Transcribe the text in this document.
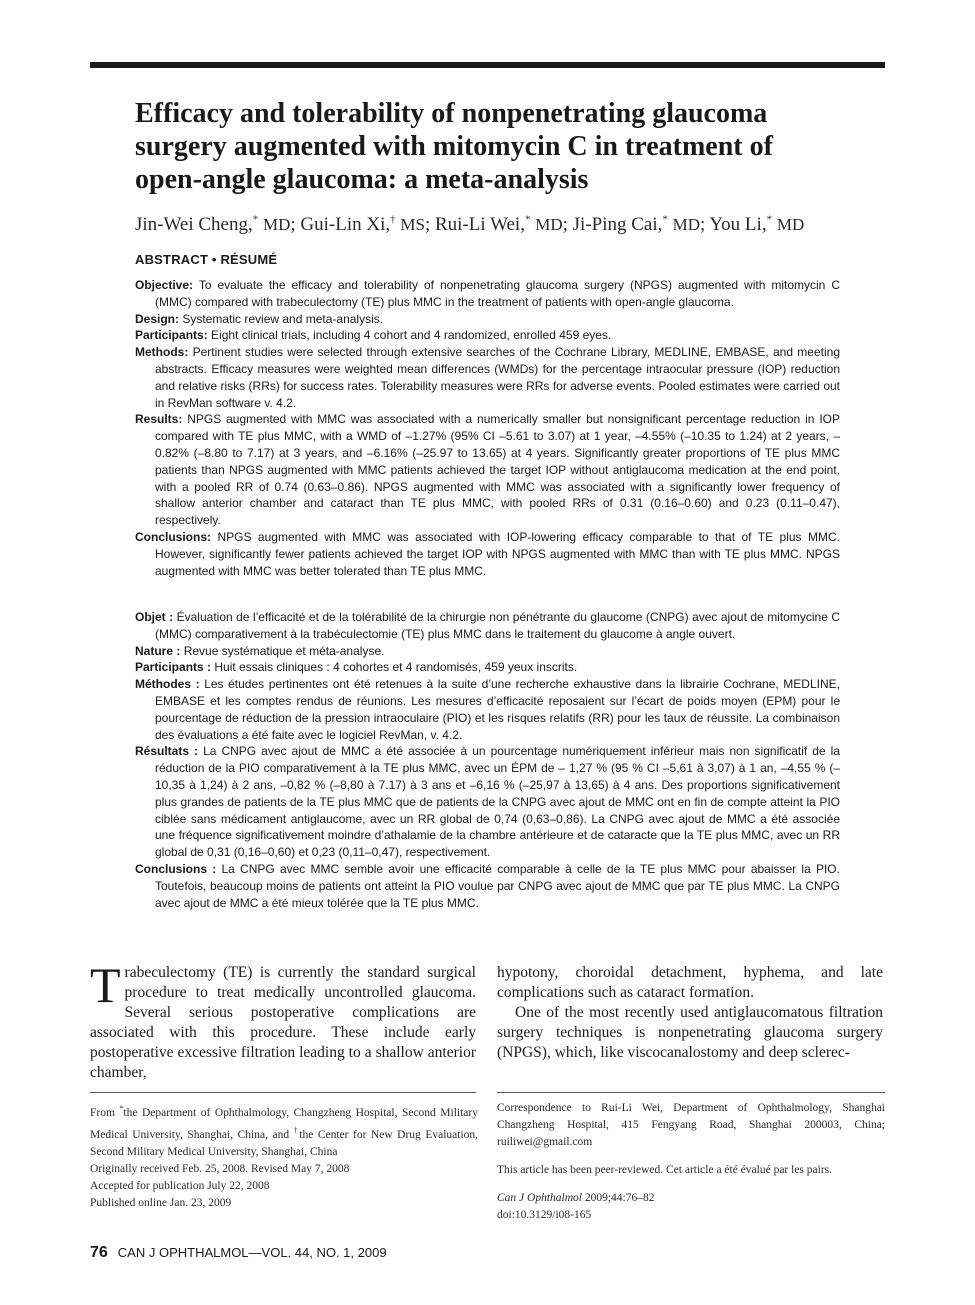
Efficacy and tolerability of nonpenetrating glaucoma surgery augmented with mitomycin C in treatment of open-angle glaucoma: a meta-analysis
Jin-Wei Cheng,* MD; Gui-Lin Xi,† MS; Rui-Li Wei,* MD; Ji-Ping Cai,* MD; You Li,* MD
ABSTRACT • RÉSUMÉ

Objective: To evaluate the efficacy and tolerability of nonpenetrating glaucoma surgery (NPGS) augmented with mitomycin C (MMC) compared with trabeculectomy (TE) plus MMC in the treatment of patients with open-angle glaucoma.

Design: Systematic review and meta-analysis.

Participants: Eight clinical trials, including 4 cohort and 4 randomized, enrolled 459 eyes.

Methods: Pertinent studies were selected through extensive searches of the Cochrane Library, MEDLINE, EMBASE, and meeting abstracts. Efficacy measures were weighted mean differences (WMDs) for the percentage intraocular pressure (IOP) reduction and relative risks (RRs) for success rates. Tolerability measures were RRs for adverse events. Pooled estimates were carried out in RevMan software v. 4.2.

Results: NPGS augmented with MMC was associated with a numerically smaller but nonsignificant percentage reduction in IOP compared with TE plus MMC, with a WMD of –1.27% (95% CI –5.61 to 3.07) at 1 year, –4.55% (–10.35 to 1.24) at 2 years, –0.82% (–8.80 to 7.17) at 3 years, and –6.16% (–25.97 to 13.65) at 4 years. Significantly greater proportions of TE plus MMC patients than NPGS augmented with MMC patients achieved the target IOP without antiglaucoma medication at the end point, with a pooled RR of 0.74 (0.63–0.86). NPGS augmented with MMC was associated with a significantly lower frequency of shallow anterior chamber and cataract than TE plus MMC, with pooled RRs of 0.31 (0.16–0.60) and 0.23 (0.11–0.47), respectively.

Conclusions: NPGS augmented with MMC was associated with IOP-lowering efficacy comparable to that of TE plus MMC. However, significantly fewer patients achieved the target IOP with NPGS augmented with MMC than with TE plus MMC. NPGS augmented with MMC was better tolerated than TE plus MMC.

Objet : Évaluation de l’efficacité et de la tolérabilité de la chirurgie non pénétrante du glaucome (CNPG) avec ajout de mitomycine C (MMC) comparativement à la trabéculectomie (TE) plus MMC dans le traitement du glaucome à angle ouvert.

Nature : Revue systématique et méta-analyse.

Participants : Huit essais cliniques : 4 cohortes et 4 randomisés, 459 yeux inscrits.

Méthodes : Les études pertinentes ont été retenues à la suite d’une recherche exhaustive dans la librairie Cochrane, MEDLINE, EMBASE et les comptes rendus de réunions. Les mesures d’efficacité reposaient sur l’écart de poids moyen (EPM) pour le pourcentage de réduction de la pression intraoculaire (PIO) et les risques relatifs (RR) pour les taux de réussite. La combinaison des évaluations a été faite avec le logiciel RevMan, v. 4.2.

Résultats : La CNPG avec ajout de MMC a été associée à un pourcentage numériquement inférieur mais non significatif de la réduction de la PIO comparativement à la TE plus MMC, avec un ÉPM de – 1,27 % (95 % CI –5,61 à 3,07) à 1 an, –4,55 % (–10,35 à 1,24) à 2 ans, –0,82 % (–8,80 à 7.17) à 3 ans et –6,16 % (–25,97 à 13,65) à 4 ans. Des proportions significativement plus grandes de patients de la TE plus MMC que de patients de la CNPG avec ajout de MMC ont en fin de compte atteint la PIO ciblée sans médicament antiglaucome, avec un RR global de 0,74 (0,63–0,86). La CNPG avec ajout de MMC a été associée une fréquence significativement moindre d’athalamie de la chambre antérieure et de cataracte que la TE plus MMC, avec un RR global de 0,31 (0,16–0,60) et 0,23 (0,11–0,47), respectivement.

Conclusions : La CNPG avec MMC semble avoir une efficacité comparable à celle de la TE plus MMC pour abaisser la PIO. Toutefois, beaucoup moins de patients ont atteint la PIO voulue par CNPG avec ajout de MMC que par TE plus MMC. La CNPG avec ajout de MMC a été mieux tolérée que la TE plus MMC.

Trabeculectomy (TE) is currently the standard surgical procedure to treat medically uncontrolled glaucoma. Several serious postoperative complications are associated with this procedure. These include early postoperative excessive filtration leading to a shallow anterior chamber,

hypotony, choroidal detachment, hyphema, and late complications such as cataract formation.

One of the most recently used antiglaucomatous filtration surgery techniques is nonpenetrating glaucoma surgery (NPGS), which, like viscocanalostomy and deep sclerec-

From *the Department of Ophthalmology, Changzheng Hospital, Second Military Medical University, Shanghai, China, and †the Center for New Drug Evaluation, Second Military Medical University, Shanghai, China

Originally received Feb. 25, 2008. Revised May 7, 2008

Accepted for publication July 22, 2008

Published online Jan. 23, 2009

Correspondence to Rui-Li Wei, Department of Ophthalmology, Shanghai Changzheng Hospital, 415 Fengyang Road, Shanghai 200003, China; ruiliwei@gmail.com

This article has been peer-reviewed. Cet article a été évalué par les pairs.

Can J Ophthalmol 2009;44:76–82

doi:10.3129/i08-165

76 CAN J OPHTHALMOL—VOL. 44, NO. 1, 2009
